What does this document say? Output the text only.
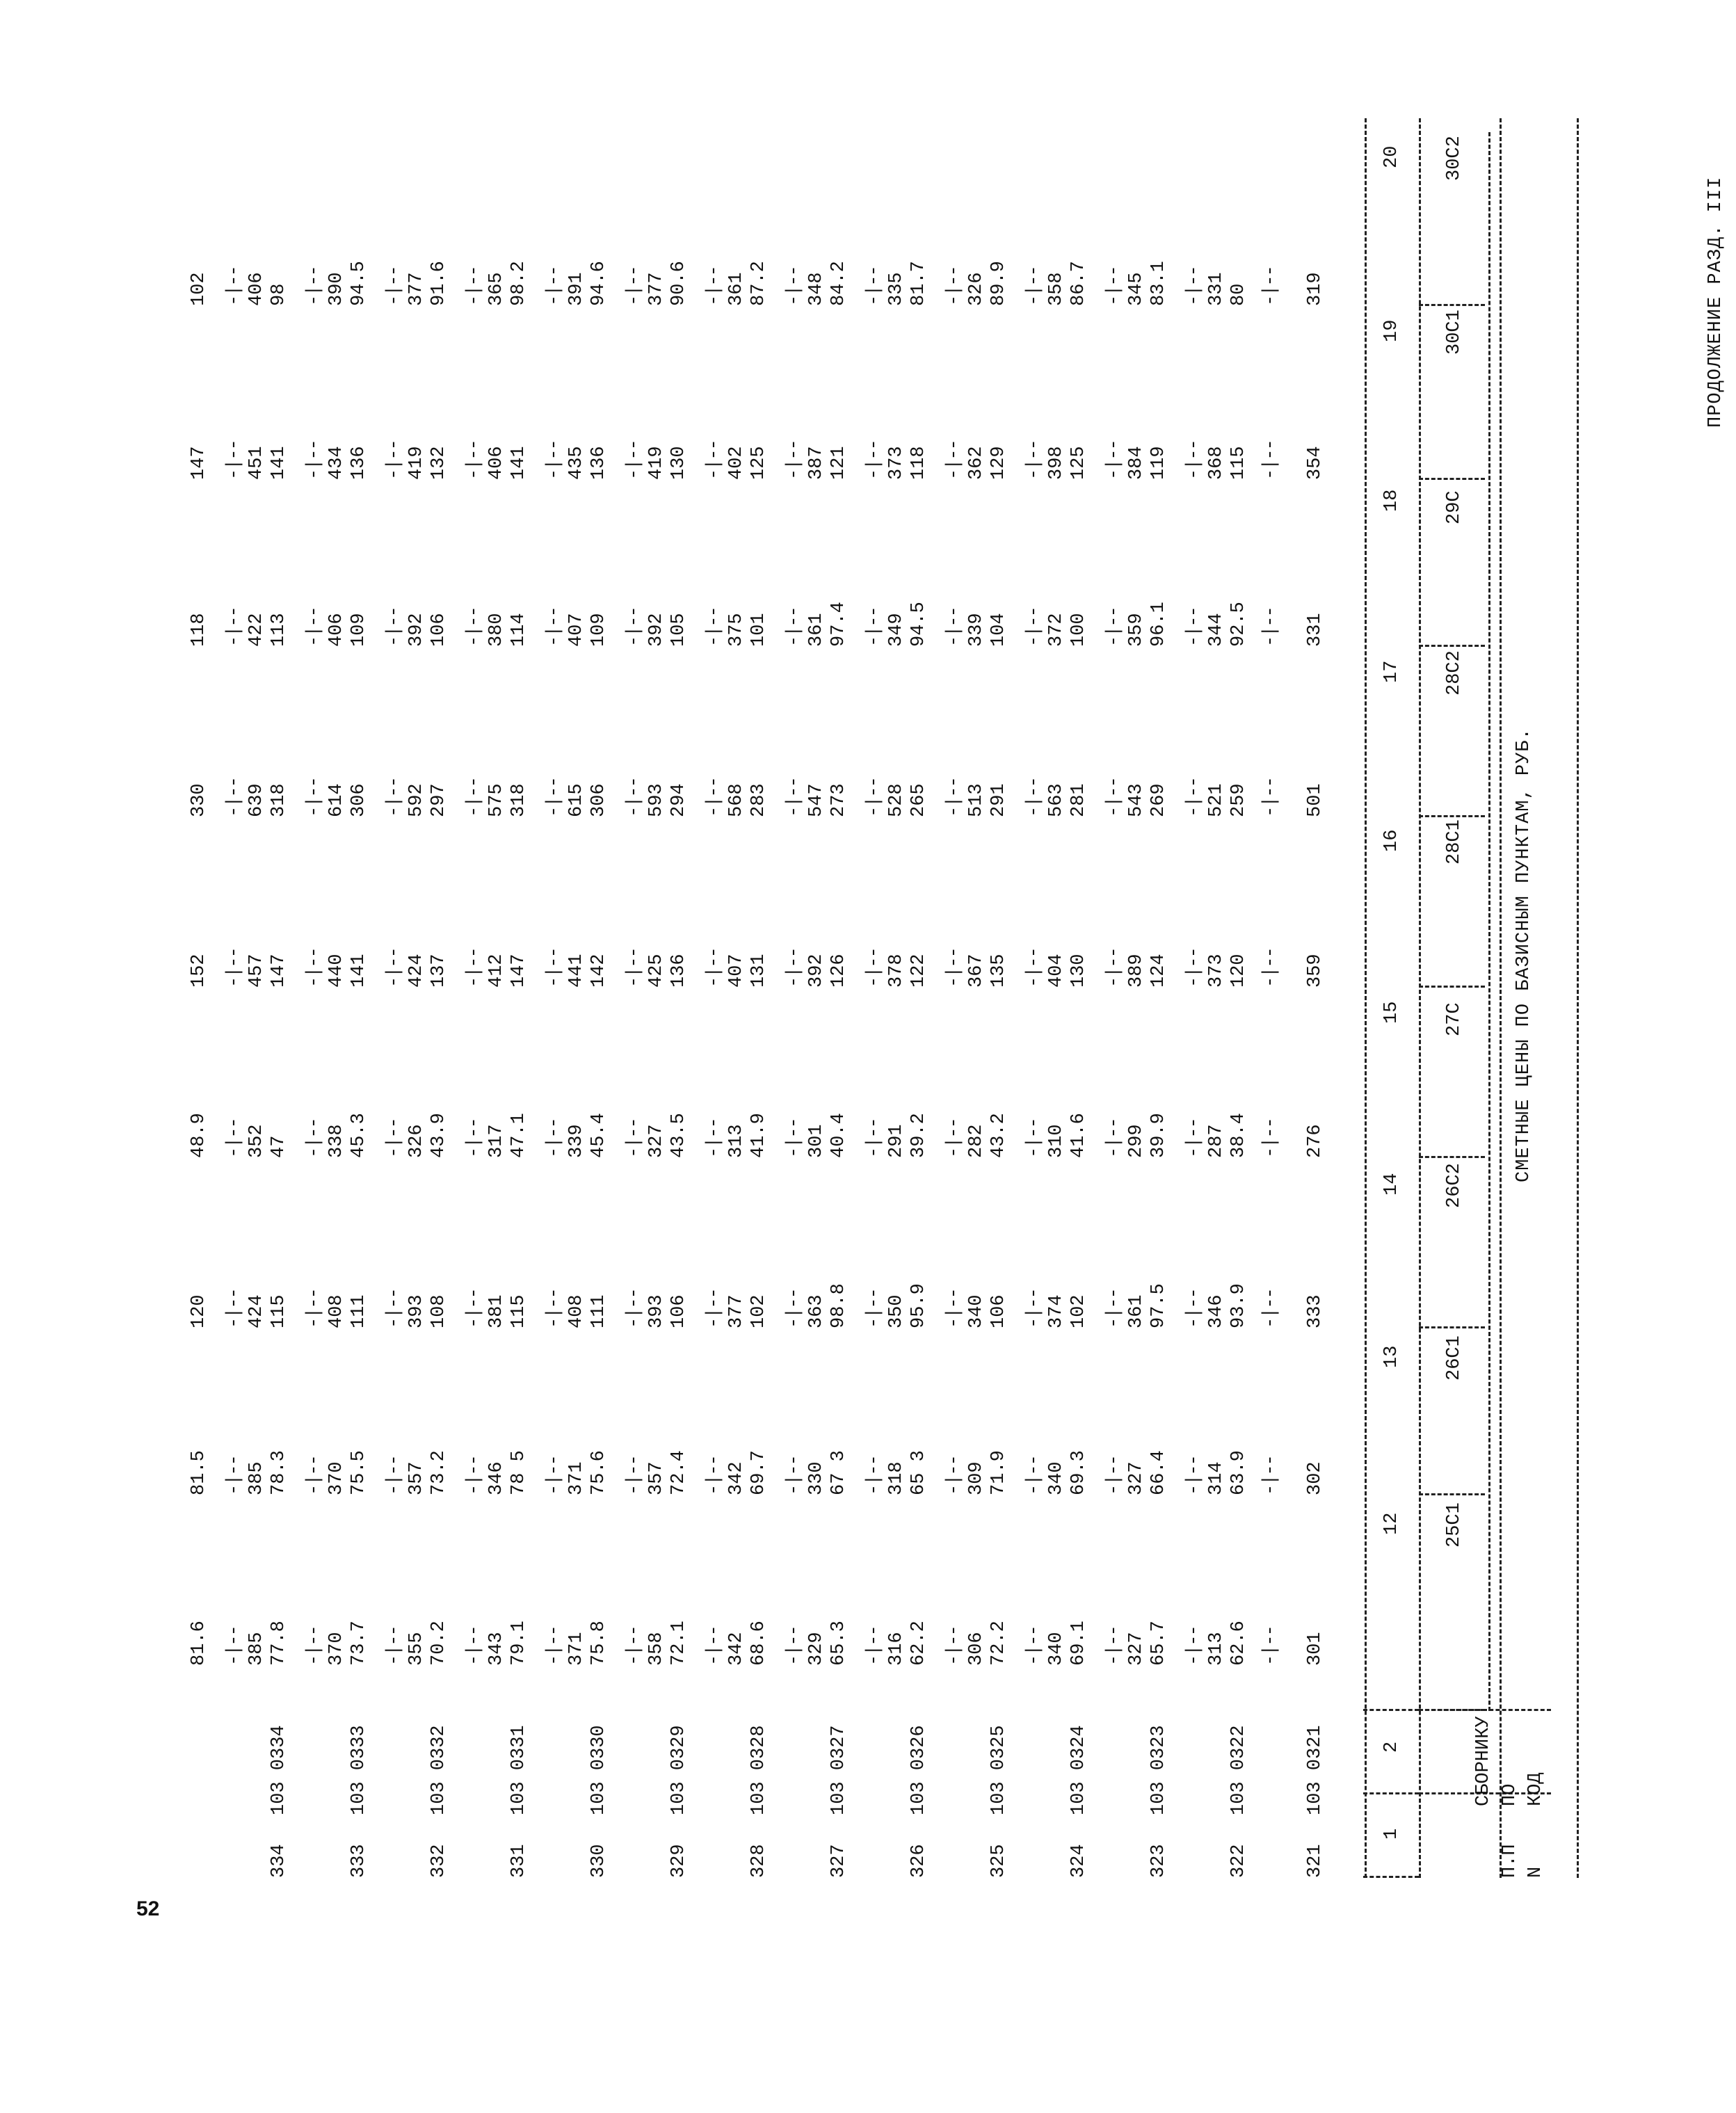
52
ПРОДОЛЖЕНИЕ РАЗД. III
N
П.П
КОД
ПО
СБОРНИКУ
1
2
СМЕТНЫЕ ЦЕНЫ ПО БАЗИСНЫМ ПУНКТАМ, РУБ.
25С1
12
26С1
13
26С2
14
27С
15
28С1
16
28С2
17
29С
18
30С1
19
30С2
20
321
103 0321
301
302
333
276
359
501
331
354
319
-|--
-|--
-|--
-|--
-|--
-|--
-|--
-|--
-|--
322
103 0322
62.6
63.9
93.9
38.4
120
259
92.5
115
80
313
314
346
287
373
521
344
368
331
-|--
-|--
-|--
-|--
-|--
-|--
-|--
-|--
-|--
323
103 0323
65.7
66.4
97.5
39.9
124
269
96.1
119
83.1
327
327
361
299
389
543
359
384
345
-|--
-|--
-|--
-|--
-|--
-|--
-|--
-|--
-|--
324
103 0324
69.1
69.3
102
41.6
130
281
100
125
86.7
340
340
374
310
404
563
372
398
358
-|--
-|--
-|--
-|--
-|--
-|--
-|--
-|--
-|--
325
103 0325
72.2
71.9
106
43.2
135
291
104
129
89.9
306
309
340
282
367
513
339
362
326
-|--
-|--
-|--
-|--
-|--
-|--
-|--
-|--
-|--
326
103 0326
62.2
65 3
95.9
39.2
122
265
94.5
118
81.7
316
318
350
291
378
528
349
373
335
-|--
-|--
-|--
-|--
-|--
-|--
-|--
-|--
-|--
327
103 0327
65.3
67 3
98.8
40.4
126
273
97.4
121
84.2
329
330
363
301
392
547
361
387
348
-|--
-|--
-|--
-|--
-|--
-|--
-|--
-|--
-|--
328
103 0328
68.6
69.7
102
41.9
131
283
101
125
87.2
342
342
377
313
407
568
375
402
361
-|--
-|--
-|--
-|--
-|--
-|--
-|--
-|--
-|--
329
103 0329
72.1
72.4
106
43.5
136
294
105
130
90.6
358
357
393
327
425
593
392
419
377
-|--
-|--
-|--
-|--
-|--
-|--
-|--
-|--
-|--
330
103 0330
75.8
75.6
111
45.4
142
306
109
136
94.6
371
371
408
339
441
615
407
435
391
-|--
-|--
-|--
-|--
-|--
-|--
-|--
-|--
-|--
331
103 0331
79.1
78 5
115
47.1
147
318
114
141
98.2
343
346
381
317
412
575
380
406
365
-|--
-|--
-|--
-|--
-|--
-|--
-|--
-|--
-|--
332
103 0332
70.2
73.2
108
43.9
137
297
106
132
91.6
355
357
393
326
424
592
392
419
377
-|--
-|--
-|--
-|--
-|--
-|--
-|--
-|--
-|--
333
103 0333
73.7
75.5
111
45.3
141
306
109
136
94.5
370
370
408
338
440
614
406
434
390
-|--
-|--
-|--
-|--
-|--
-|--
-|--
-|--
-|--
334
103 0334
77.8
78.3
115
47
147
318
113
141
98
385
385
424
352
457
639
422
451
406
-|--
-|--
-|--
-|--
-|--
-|--
-|--
-|--
-|--
81.6
81.5
120
48.9
152
330
118
147
102
